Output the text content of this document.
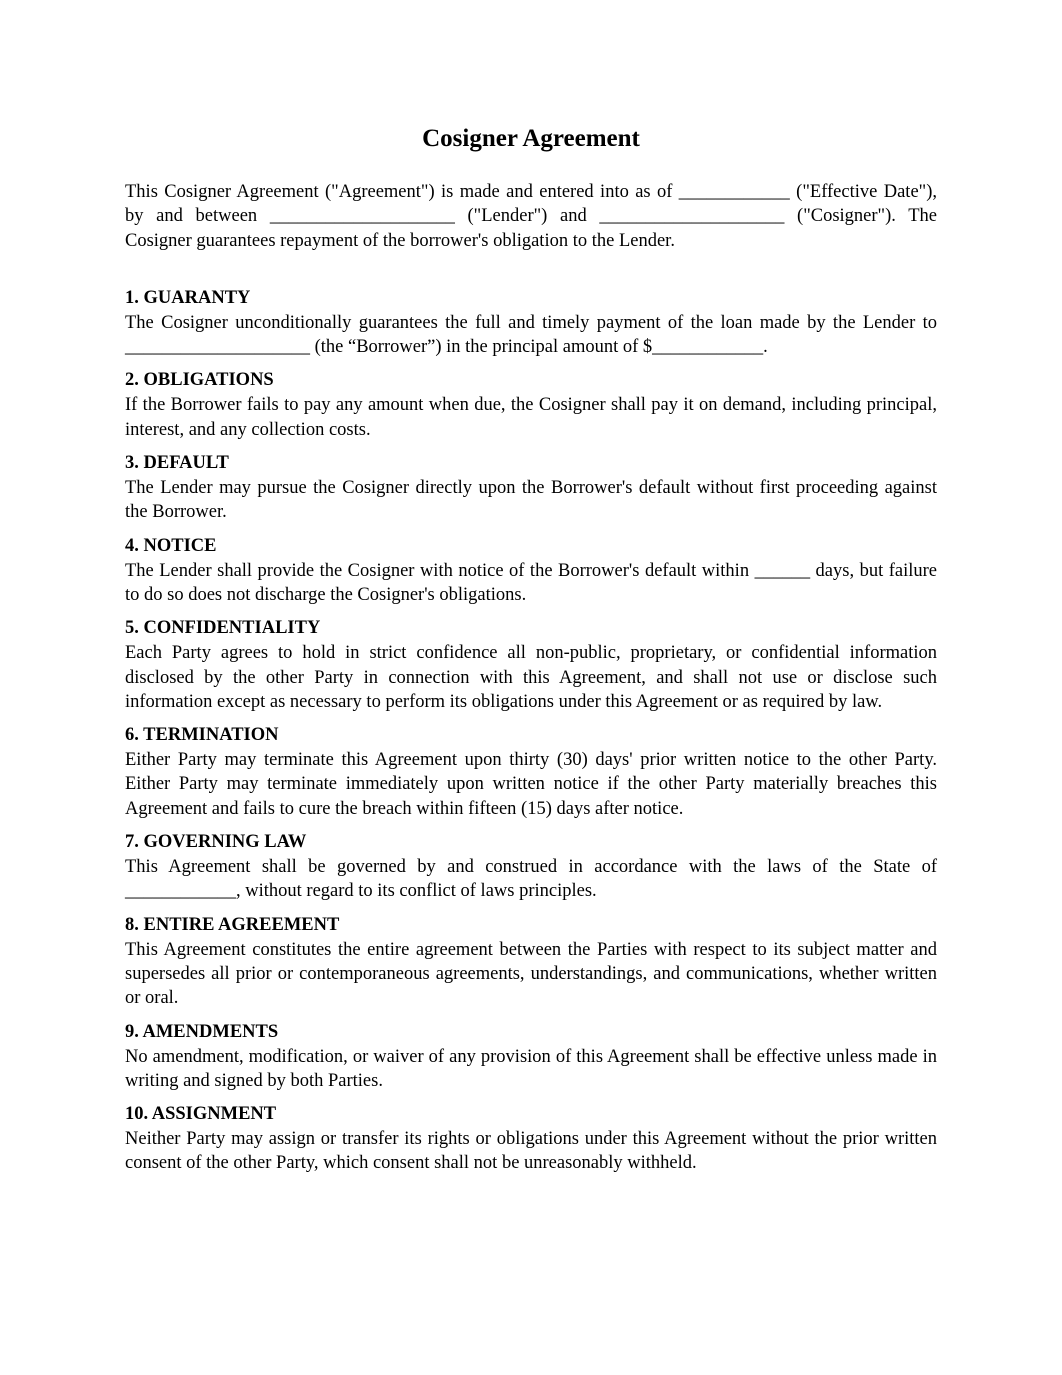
Cosigner Agreement

This Cosigner Agreement ("Agreement") is made and entered into as of ____________ ("Effective Date"), by and between ____________________ ("Lender") and ____________________ ("Cosigner"). The Cosigner guarantees repayment of the borrower's obligation to the Lender.

1. GUARANTY

The Cosigner unconditionally guarantees the full and timely payment of the loan made by the Lender to ____________________ (the “Borrower”) in the principal amount of $____________.

2. OBLIGATIONS

If the Borrower fails to pay any amount when due, the Cosigner shall pay it on demand, including principal, interest, and any collection costs.

3. DEFAULT

The Lender may pursue the Cosigner directly upon the Borrower's default without first proceeding against the Borrower.

4. NOTICE

The Lender shall provide the Cosigner with notice of the Borrower's default within ______ days, but failure to do so does not discharge the Cosigner's obligations.

5. CONFIDENTIALITY

Each Party agrees to hold in strict confidence all non-public, proprietary, or confidential information disclosed by the other Party in connection with this Agreement, and shall not use or disclose such information except as necessary to perform its obligations under this Agreement or as required by law.

6. TERMINATION

Either Party may terminate this Agreement upon thirty (30) days' prior written notice to the other Party. Either Party may terminate immediately upon written notice if the other Party materially breaches this Agreement and fails to cure the breach within fifteen (15) days after notice.

7. GOVERNING LAW

This Agreement shall be governed by and construed in accordance with the laws of the State of ____________, without regard to its conflict of laws principles.

8. ENTIRE AGREEMENT

This Agreement constitutes the entire agreement between the Parties with respect to its subject matter and supersedes all prior or contemporaneous agreements, understandings, and communications, whether written or oral.

9. AMENDMENTS

No amendment, modification, or waiver of any provision of this Agreement shall be effective unless made in writing and signed by both Parties.

10. ASSIGNMENT

Neither Party may assign or transfer its rights or obligations under this Agreement without the prior written consent of the other Party, which consent shall not be unreasonably withheld.
